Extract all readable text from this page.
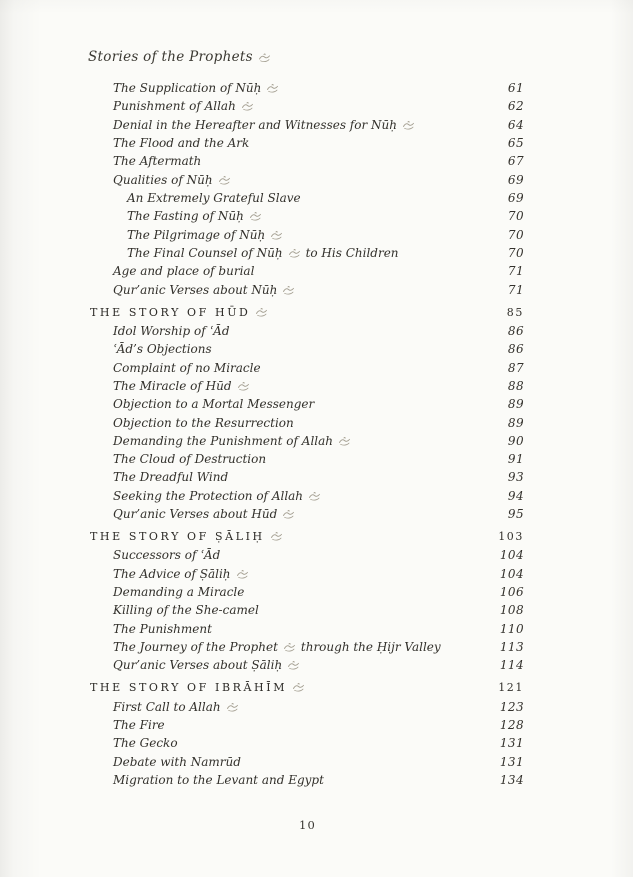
Stories of the Prophets
The Supplication of Nūḥ	61
Punishment of Allah	62
Denial in the Hereafter and Witnesses for Nūḥ	64
The Flood and the Ark	65
The Aftermath	67
Qualities of Nūḥ	69
An Extremely Grateful Slave	69
The Fasting of Nūḥ	70
The Pilgrimage of Nūḥ	70
The Final Counsel of Nūḥ to His Children	70
Age and place of burial	71
Qur’anic Verses about Nūḥ	71
THE STORY OF HŪD	85
Idol Worship of ʿĀd	86
ʿĀd’s Objections	86
Complaint of no Miracle	87
The Miracle of Hūd	88
Objection to a Mortal Messenger	89
Objection to the Resurrection	89
Demanding the Punishment of Allah	90
The Cloud of Destruction	91
The Dreadful Wind	93
Seeking the Protection of Allah	94
Qur’anic Verses about Hūd	95
THE STORY OF ṢĀLIḤ	103
Successors of ʿĀd	104
The Advice of Ṣāliḥ	104
Demanding a Miracle	106
Killing of the She-camel	108
The Punishment	110
The Journey of the Prophet through the Ḥijr Valley	113
Qur’anic Verses about Ṣāliḥ	114
THE STORY OF IBRĀHĪM	121
First Call to Allah	123
The Fire	128
The Gecko	131
Debate with Namrūd	131
Migration to the Levant and Egypt	134
10
